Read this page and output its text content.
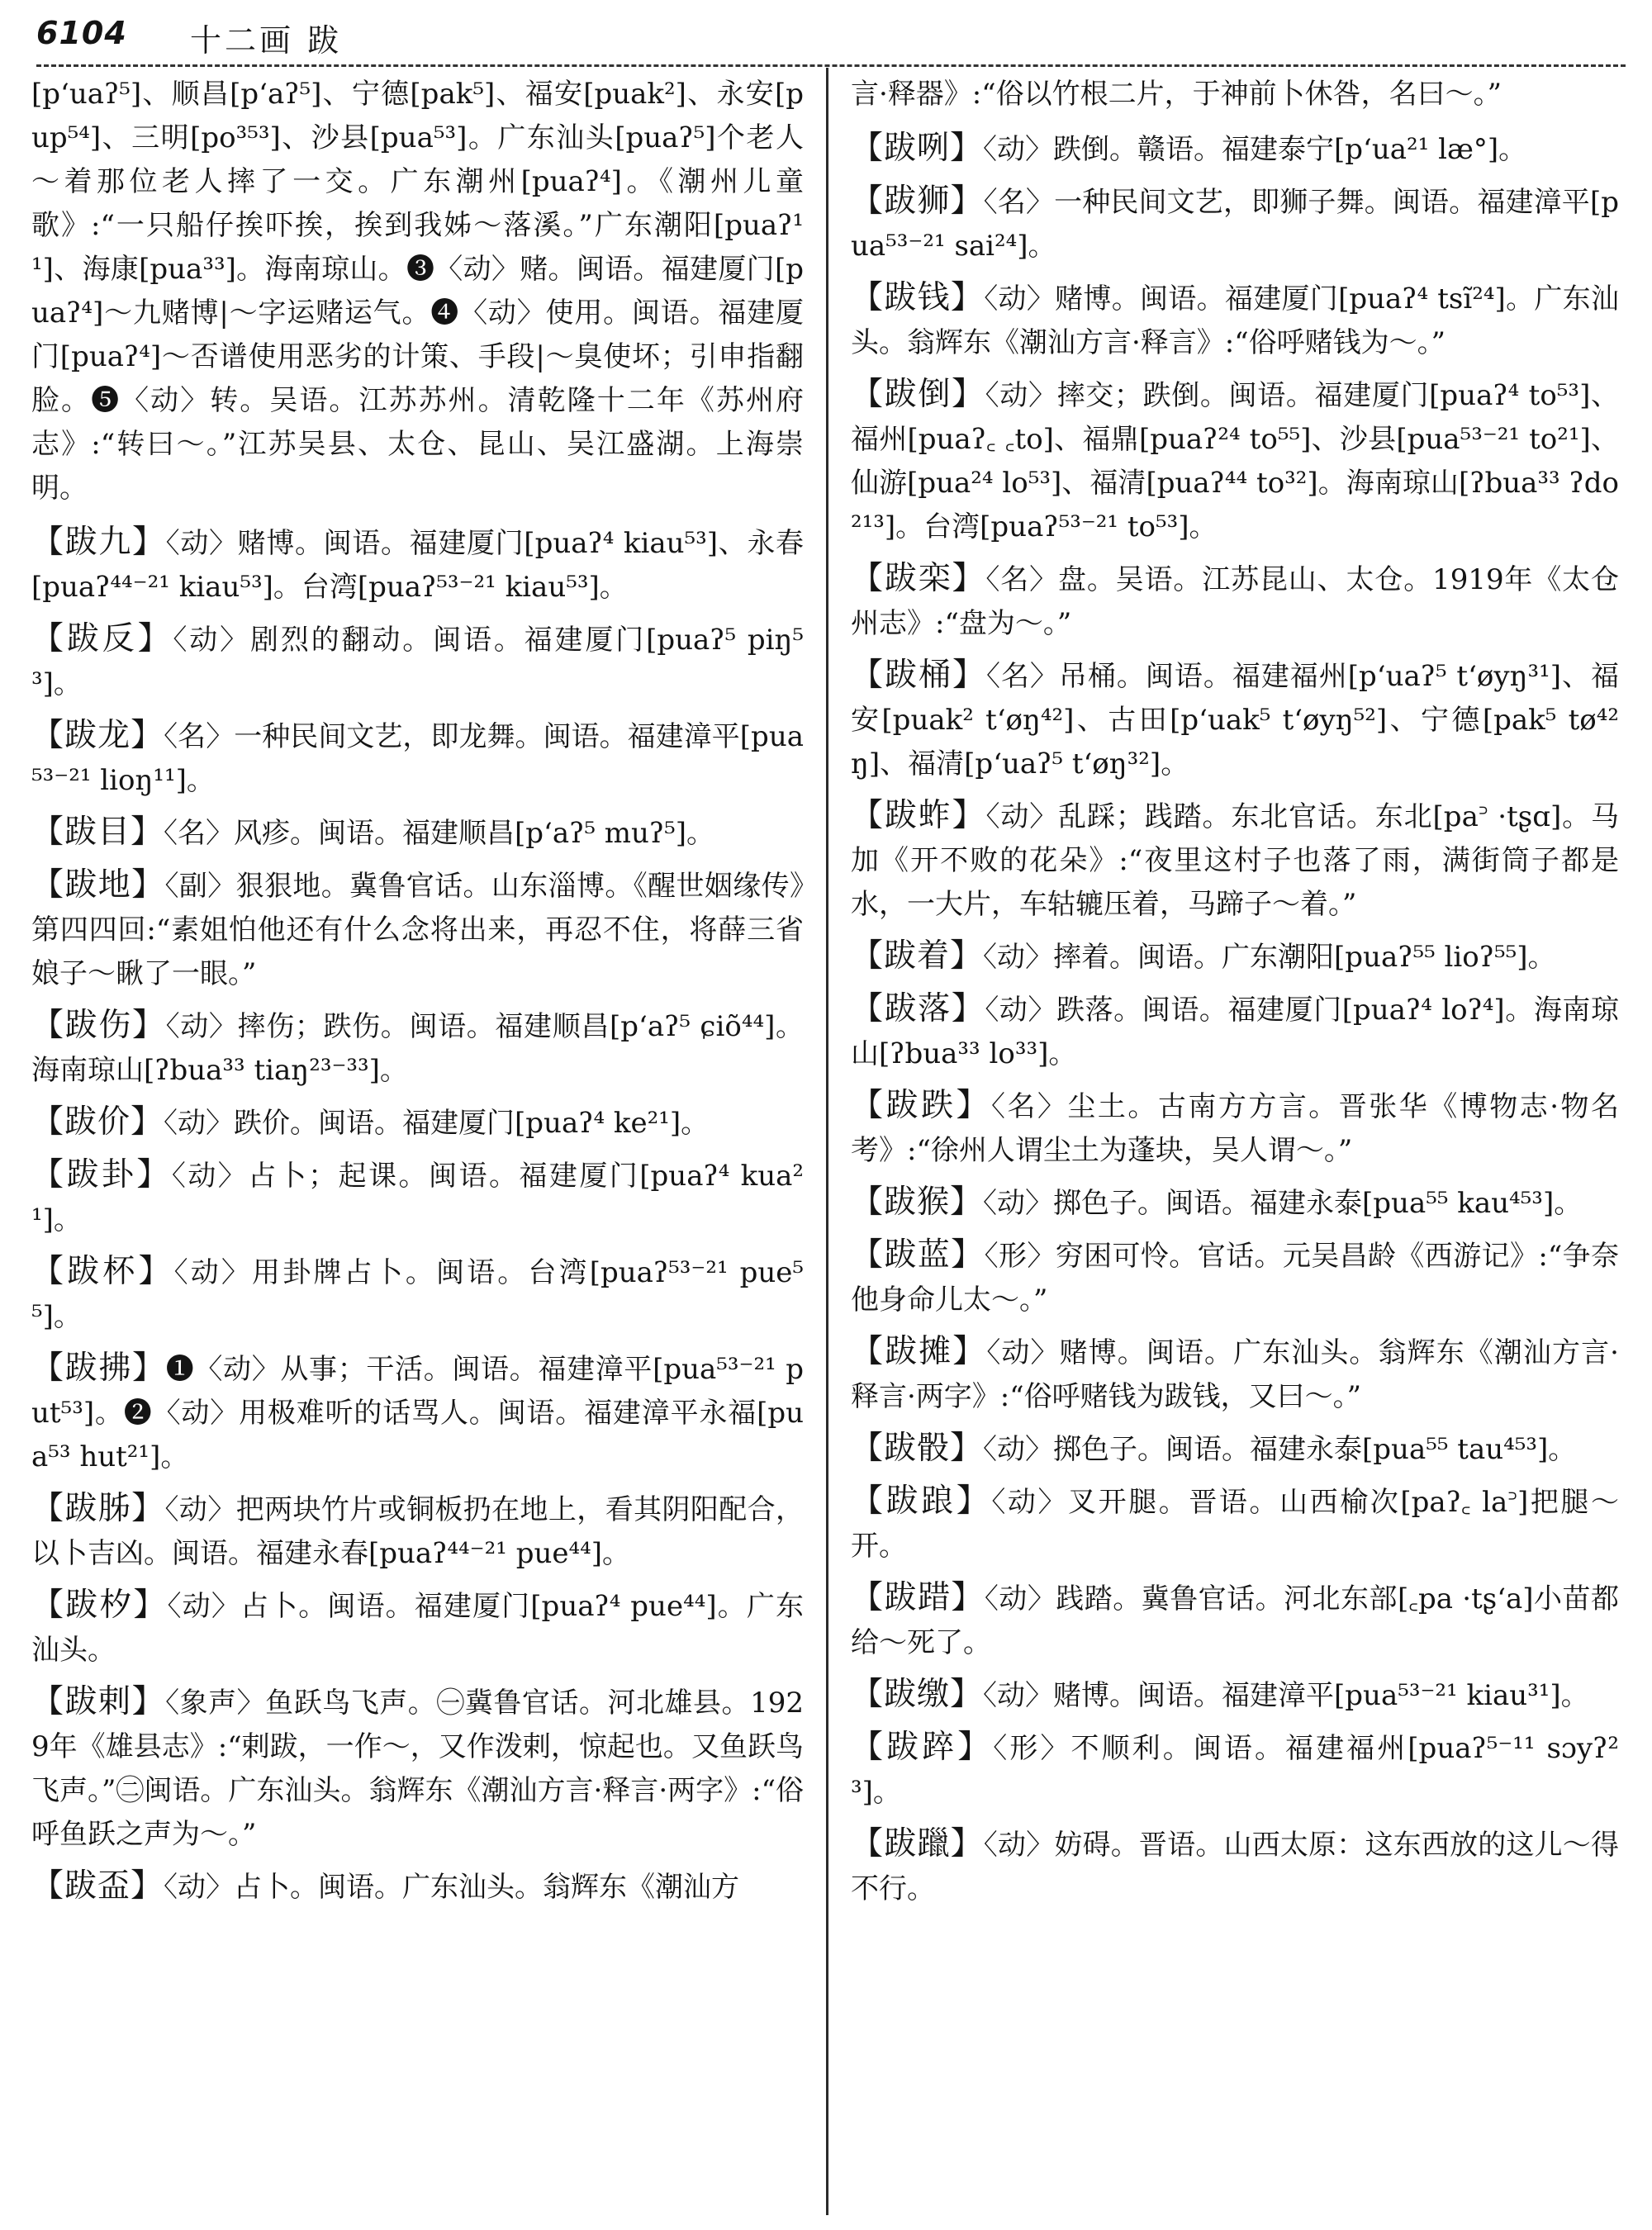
6104 十二画 跋
[pʻuaʔ⁵]、顺昌[pʻaʔ⁵]、宁德[pak⁵]、福安[puak²]、永安[pup⁵⁴]、三明[po³⁵³]、沙县[pua⁵³]。广东汕头[puaʔ⁵]个老人～着那位老人摔了一交。广东潮州[puaʔ⁴]。《潮州儿童歌》:“一只船仔挨吓挨，挨到我姊～落溪。”广东潮阳[puaʔ¹¹]、海康[pua³³]。海南琼山。❸〈动〉赌。闽语。福建厦门[puaʔ⁴]～九赌博|～字运赌运气。❹〈动〉使用。闽语。福建厦门[puaʔ⁴]～否谱使用恶劣的计策、手段|～臭使坏；引申指翻脸。❺〈动〉转。吴语。江苏苏州。清乾隆十二年《苏州府志》:“转曰～。”江苏吴县、太仓、昆山、吴江盛湖。上海崇明。
【跋九】〈动〉赌博。闽语。福建厦门[puaʔ⁴ kiau⁵³]、永春[puaʔ⁴⁴⁻²¹ kiau⁵³]。台湾[puaʔ⁵³⁻²¹ kiau⁵³]。
【跋反】〈动〉剧烈的翻动。闽语。福建厦门[puaʔ⁵ piŋ⁵³]。
【跋龙】〈名〉一种民间文艺，即龙舞。闽语。福建漳平[pua⁵³⁻²¹ lioŋ¹¹]。
【跋目】〈名〉风疹。闽语。福建顺昌[pʻaʔ⁵ muʔ⁵]。
【跋地】〈副〉狠狠地。冀鲁官话。山东淄博。《醒世姻缘传》第四四回:“素姐怕他还有什么念将出来，再忍不住，将薛三省娘子～瞅了一眼。”
【跋伤】〈动〉摔伤；跌伤。闽语。福建顺昌[pʻaʔ⁵ ɕiõ⁴⁴]。海南琼山[ʔbua³³ tiaŋ²³⁻³³]。
【跋价】〈动〉跌价。闽语。福建厦门[puaʔ⁴ ke²¹]。
【跋卦】〈动〉占卜；起课。闽语。福建厦门[puaʔ⁴ kua²¹]。
【跋杯】〈动〉用卦牌占卜。闽语。台湾[puaʔ⁵³⁻²¹ pue⁵⁵]。
【跋拂】❶〈动〉从事；干活。闽语。福建漳平[pua⁵³⁻²¹ put⁵³]。❷〈动〉用极难听的话骂人。闽语。福建漳平永福[pua⁵³ hut²¹]。
【跋胏】〈动〉把两块竹片或铜板扔在地上，看其阴阳配合，以卜吉凶。闽语。福建永春[puaʔ⁴⁴⁻²¹ pue⁴⁴]。
【跋𣏐】〈动〉占卜。闽语。福建厦门[puaʔ⁴ pue⁴⁴]。广东汕头。
【跋剌】〈象声〉鱼跃鸟飞声。㊀冀鲁官话。河北雄县。1929年《雄县志》:“剌跋，一作～，又作泼剌，惊起也。又鱼跃鸟飞声。”㊁闽语。广东汕头。翁辉东《潮汕方言·释言·两字》:“俗呼鱼跃之声为～。”
【跋盃】〈动〉占卜。闽语。广东汕头。翁辉东《潮汕方
言·释器》:“俗以竹根二片，于神前卜休咎，名曰～。”
【跋咧】〈动〉跌倒。赣语。福建泰宁[pʻua²¹ læ°]。
【跋狮】〈名〉一种民间文艺，即狮子舞。闽语。福建漳平[pua⁵³⁻²¹ sai²⁴]。
【跋钱】〈动〉赌博。闽语。福建厦门[puaʔ⁴ tsĩ²⁴]。广东汕头。翁辉东《潮汕方言·释言》:“俗呼赌钱为～。”
【跋倒】〈动〉摔交；跌倒。闽语。福建厦门[puaʔ⁴ to⁵³]、福州[puaʔ꜀ ꜀to]、福鼎[puaʔ²⁴ to⁵⁵]、沙县[pua⁵³⁻²¹ to²¹]、仙游[pua²⁴ lo⁵³]、福清[puaʔ⁴⁴ to³²]。海南琼山[ʔbua³³ ʔdo²¹³]。台湾[puaʔ⁵³⁻²¹ to⁵³]。
【跋栾】〈名〉盘。吴语。江苏昆山、太仓。1919年《太仓州志》:“盘为～。”
【跋桶】〈名〉吊桶。闽语。福建福州[pʻuaʔ⁵ tʻøyŋ³¹]、福安[puak² tʻøŋ⁴²]、古田[pʻuak⁵ tʻøyŋ⁵²]、宁德[pak⁵ tø⁴²ŋ]、福清[pʻuaʔ⁵ tʻøŋ³²]。
【跋蚱】〈动〉乱踩；践踏。东北官话。东北[pa꜄ ·tʂɑ]。马加《开不败的花朵》:“夜里这村子也落了雨，满街筒子都是水，一大片，车轱辘压着，马蹄子～着。”
【跋着】〈动〉摔着。闽语。广东潮阳[puaʔ⁵⁵ lioʔ⁵⁵]。
【跋落】〈动〉跌落。闽语。福建厦门[puaʔ⁴ loʔ⁴]。海南琼山[ʔbua³³ lo³³]。
【跋跌】〈名〉尘土。古南方方言。晋张华《博物志·物名考》:“徐州人谓尘土为蓬块，吴人谓～。”
【跋猴】〈动〉掷色子。闽语。福建永泰[pua⁵⁵ kau⁴⁵³]。
【跋蓝】〈形〉穷困可怜。官话。元吴昌龄《西游记》:“争奈他身命儿太～。”
【跋摊】〈动〉赌博。闽语。广东汕头。翁辉东《潮汕方言·释言·两字》:“俗呼赌钱为跋钱，又曰～。”
【跋骰】〈动〉掷色子。闽语。福建永泰[pua⁵⁵ tau⁴⁵³]。
【跋踉】〈动〉叉开腿。晋语。山西榆次[paʔ꜀ la꜄]把腿～开。
【跋踖】〈动〉践踏。冀鲁官话。河北东部[꜀pa ·tʂʻa]小苗都给～死了。
【跋缴】〈动〉赌博。闽语。福建漳平[pua⁵³⁻²¹ kiau³¹]。
【跋踤】〈形〉不顺利。闽语。福建福州[puaʔ⁵⁻¹¹ sɔyʔ²³]。
【跋躐】〈动〉妨碍。晋语。山西太原：这东西放的这儿～得不行。
